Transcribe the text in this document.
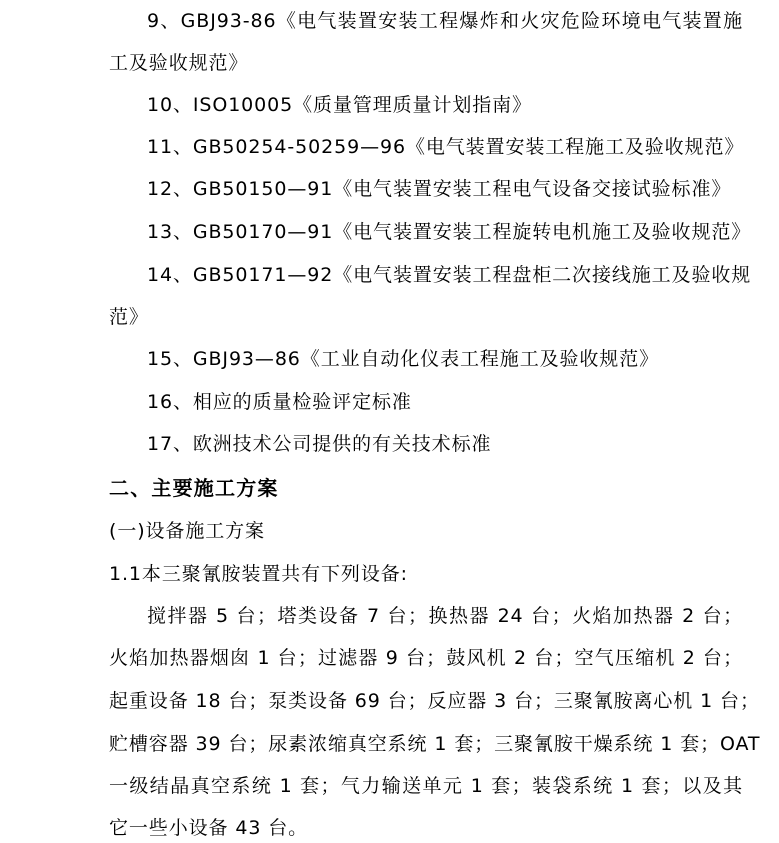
9、GBJ93-86《电气装置安装工程爆炸和火灾危险环境电气装置施
工及验收规范》
10、ISO10005《质量管理质量计划指南》
11、GB50254-50259—96《电气装置安装工程施工及验收规范》
12、GB50150—91《电气装置安装工程电气设备交接试验标准》
13、GB50170—91《电气装置安装工程旋转电机施工及验收规范》
14、GB50171—92《电气装置安装工程盘柜二次接线施工及验收规
范》
15、GBJ93—86《工业自动化仪表工程施工及验收规范》
16、相应的质量检验评定标准
17、欧洲技术公司提供的有关技术标准
二、主要施工方案
(一)设备施工方案
1.1本三聚氰胺装置共有下列设备:
搅拌器 5 台；塔类设备 7 台；换热器 24 台；火焰加热器 2 台；
火焰加热器烟囱 1 台；过滤器 9 台；鼓风机 2 台；空气压缩机 2 台；
起重设备 18 台；泵类设备 69 台；反应器 3 台；三聚氰胺离心机 1 台；
贮槽容器 39 台；尿素浓缩真空系统 1 套；三聚氰胺干燥系统 1 套；OAT
一级结晶真空系统 1 套；气力输送单元 1 套；装袋系统 1 套；以及其
它一些小设备 43 台。
